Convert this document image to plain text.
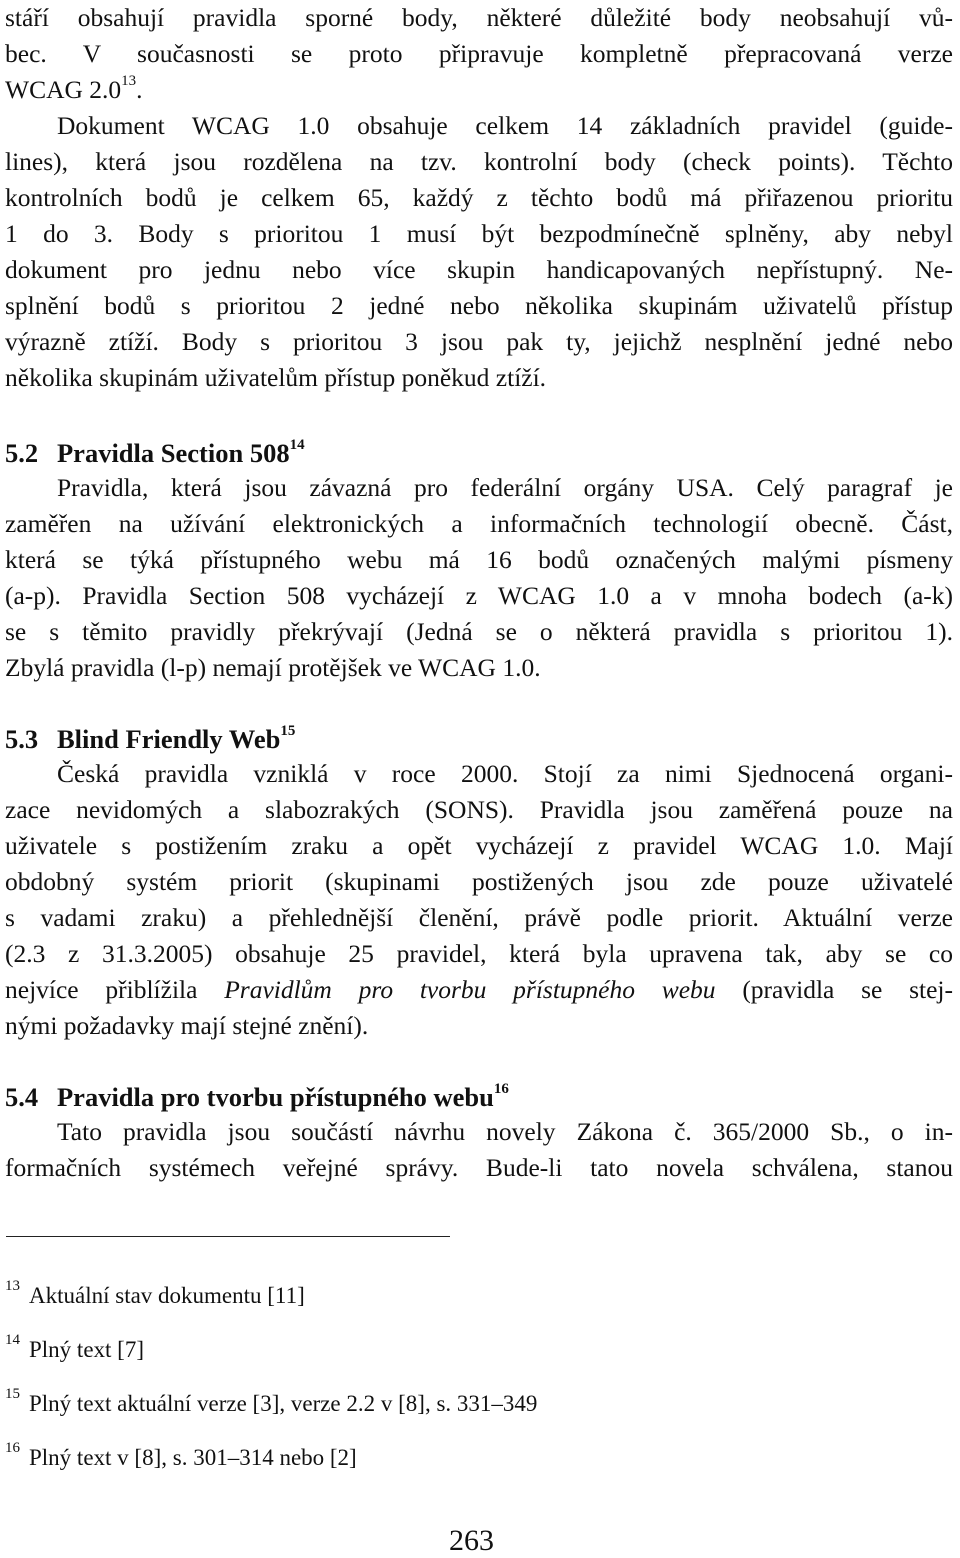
stáří obsahují pravidla sporné body, některé důležité body neobsahují vů-
bec. V současnosti se proto připravuje kompletně přepracovaná verze
WCAG $2.0^{13}$.
Dokument WCAG 1.0 obsahuje celkem 14 základních pravidel (guide-
lines), která jsou rozdělena na tzv. kontrolní body (check points). Těchto
kontrolních bodů je celkem 65, každý z těchto bodů má přiřazenou prioritu
1 do 3. Body s prioritou 1 musí být bezpodmínečně splněny, aby nebyl
dokument pro jednu nebo více skupin handicapovaných nepřístupný. Ne-
splnění bodů s prioritou 2 jedné nebo několika skupinám uživatelů přístup
výrazně ztíží. Body s prioritou 3 jsou pak ty, jejichž nesplnění jedné nebo
několika skupinám uživatelům přístup poněkud ztíží.
5.2 Pravidla Section $508^{14}$
Pravidla, která jsou závazná pro federální orgány USA. Celý paragraf je
zaměřen na užívání elektronických a informačních technologií obecně. Část,
která se týká přístupného webu má 16 bodů označených malými písmeny
(a-p). Pravidla Section 508 vycházejí z WCAG 1.0 a v mnoha bodech (a-k)
se s těmito pravidly překrývají (Jedná se o některá pravidla s prioritou 1).
Zbylá pravidla (l-p) nemají protějšek ve WCAG 1.0.
5.3 Blind Friendly Web$^{15}$
Česká pravidla vzniklá v roce 2000. Stojí za nimi Sjednocená organi-
zace nevidomých a slabozrakých (SONS). Pravidla jsou zaměřená pouze na
uživatele s postižením zraku a opět vycházejí z pravidel WCAG 1.0. Mají
obdobný systém priorit (skupinami postižených jsou zde pouze uživatelé
s vadami zraku) a přehlednější členění, právě podle priorit. Aktuální verze
(2.3 z 31.3.2005) obsahuje 25 pravidel, která byla upravena tak, aby se co
nejvíce přiblížila Pravidlům pro tvorbu přístupného webu (pravidla se stej-
nými požadavky mají stejné znění).
5.4 Pravidla pro tvorbu přístupného webu$^{16}$
Tato pravidla jsou součástí návrhu novely Zákona č. 365/2000 Sb., o in-
formačních systémech veřejné správy. Bude-li tato novela schválena, stanou
$^{13}$ Aktuální stav dokumentu [11]
$^{14}$ Plný text [7]
$^{15}$ Plný text aktuální verze [3], verze 2.2 v [8], s. 331–349
$^{16}$ Plný text v [8], s. 301–314 nebo [2]
263
